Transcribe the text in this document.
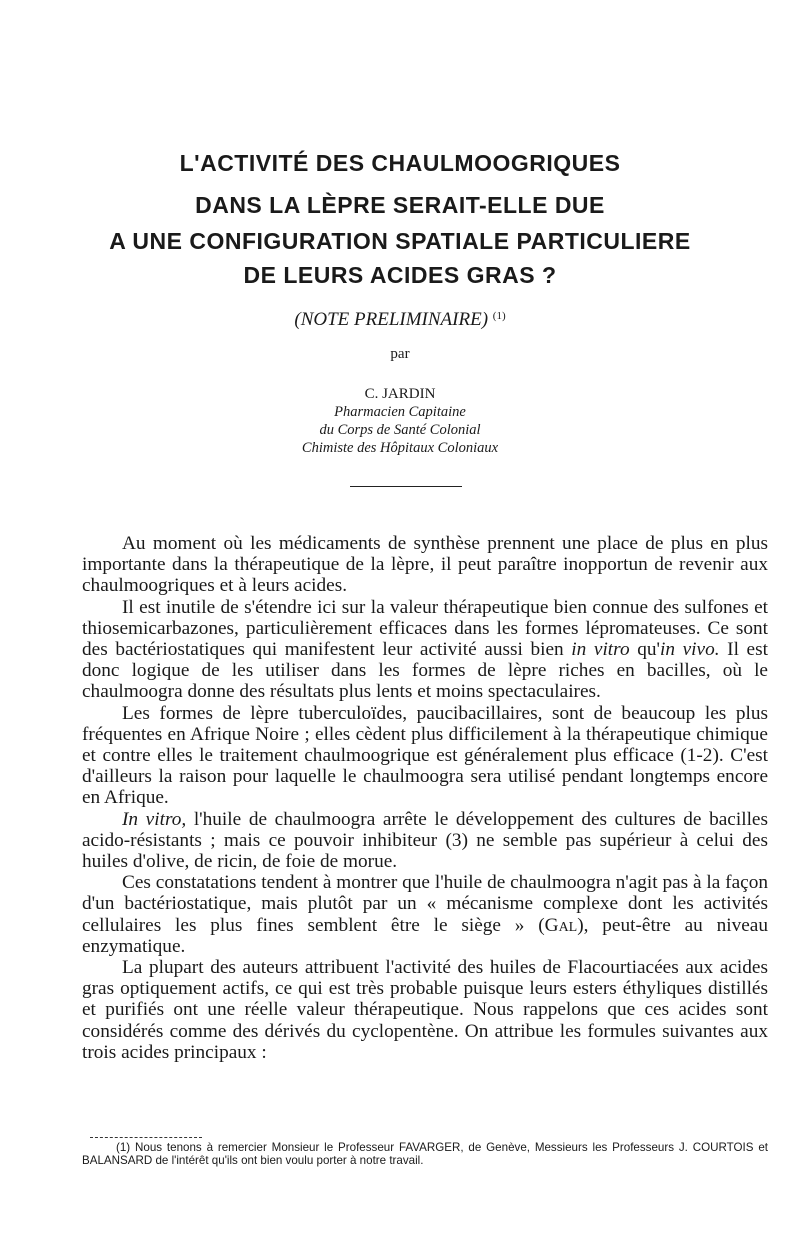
L'ACTIVITÉ DES CHAULMOOGRIQUES
DANS LA LÈPRE SERAIT-ELLE DUE
A UNE CONFIGURATION SPATIALE PARTICULIERE
DE LEURS ACIDES GRAS ?
(NOTE PRELIMINAIRE) $^{(1)}$
par
C. JARDIN
Pharmacien Capitaine
du Corps de Santé Colonial
Chimiste des Hôpitaux Coloniaux

Au moment où les médicaments de synthèse prennent une place de plus en plus importante dans la thérapeutique de la lèpre, il peut paraître inopportun de revenir aux chaulmoogriques et à leurs acides.

Il est inutile de s'étendre ici sur la valeur thérapeutique bien connue des sulfones et thiosemicarbazones, particulièrement efficaces dans les formes lépromateuses. Ce sont des bactériostatiques qui manifestent leur activité aussi bien in vitro qu'in vivo. Il est donc logique de les utiliser dans les formes de lèpre riches en bacilles, où le chaulmoogra donne des résultats plus lents et moins spectaculaires.

Les formes de lèpre tuberculoïdes, paucibacillaires, sont de beaucoup les plus fréquentes en Afrique Noire ; elles cèdent plus difficilement à la thérapeutique chimique et contre elles le traitement chaulmoogrique est généralement plus efficace (1-2). C'est d'ailleurs la raison pour laquelle le chaulmoogra sera utilisé pendant longtemps encore en Afrique.

In vitro, l'huile de chaulmoogra arrête le développement des cultures de bacilles acido-résistants ; mais ce pouvoir inhibiteur (3) ne semble pas supérieur à celui des huiles d'olive, de ricin, de foie de morue.

Ces constatations tendent à montrer que l'huile de chaulmoogra n'agit pas à la façon d'un bactériostatique, mais plutôt par un « mécanisme complexe dont les activités cellulaires les plus fines semblent être le siège » (Gal), peut-être au niveau enzymatique.

La plupart des auteurs attribuent l'activité des huiles de Flacourtiacées aux acides gras optiquement actifs, ce qui est très probable puisque leurs esters éthyliques distillés et purifiés ont une réelle valeur thérapeutique. Nous rappelons que ces acides sont considérés comme des dérivés du cyclopentène. On attribue les formules suivantes aux trois acides principaux :

(1) Nous tenons à remercier Monsieur le Professeur FAVARGER, de Genève, Messieurs les Professeurs J. COURTOIS et BALANSARD de l'intérêt qu'ils ont bien voulu porter à notre travail.
